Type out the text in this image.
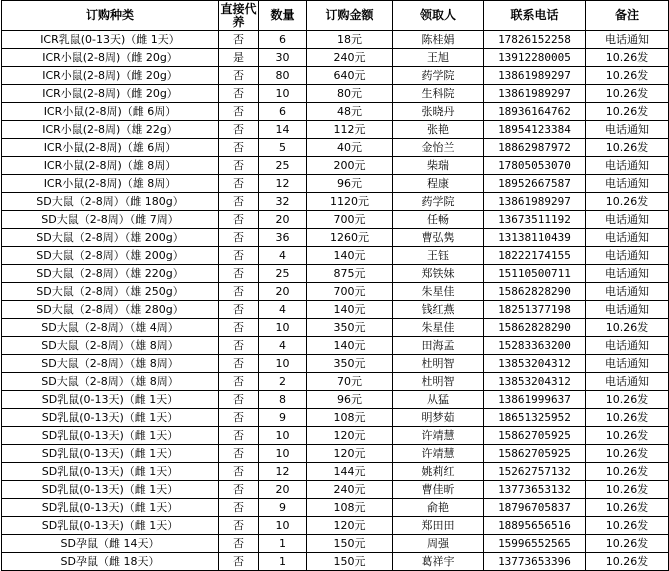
订购种类	直接代养	数量	订购金额	领取人	联系电话	备注
ICR乳鼠(0-13天)（雌 1天）	否	6	18元	陈桂娟	17826152258	电话通知
ICR小鼠(2-8周)（雌 20g）	是	30	240元	王旭	13912280005	10.26发
ICR小鼠(2-8周)（雌 20g）	否	80	640元	药学院	13861989297	10.26发
ICR小鼠(2-8周)（雌 20g）	否	10	80元	生科院	13861989297	10.26发
ICR小鼠(2-8周)（雌 6周）	否	6	48元	张晓丹	18936164762	10.26发
ICR小鼠(2-8周)（雄 22g）	否	14	112元	张艳	18954123384	电话通知
ICR小鼠(2-8周)（雄 6周）	否	5	40元	金怡兰	18862987972	10.26发
ICR小鼠(2-8周)（雄 8周）	否	25	200元	柴瑞	17805053070	电话通知
ICR小鼠(2-8周)（雄 8周）	否	12	96元	程康	18952667587	电话通知
SD大鼠（2-8周）（雌 180g）	否	32	1120元	药学院	13861989297	10.26发
SD大鼠（2-8周）（雌 7周）	否	20	700元	任畅	13673511192	电话通知
SD大鼠（2-8周）（雄 200g）	否	36	1260元	曹弘隽	13138110439	电话通知
SD大鼠（2-8周）（雄 200g）	否	4	140元	王钰	18222174155	电话通知
SD大鼠（2-8周）（雄 220g）	否	25	875元	郑铁妹	15110500711	电话通知
SD大鼠（2-8周）（雄 250g）	否	20	700元	朱星佳	15862828290	电话通知
SD大鼠（2-8周）（雄 280g）	否	4	140元	钱红燕	18251377198	电话通知
SD大鼠（2-8周）（雄 4周）	否	10	350元	朱星佳	15862828290	10.26发
SD大鼠（2-8周）（雄 8周）	否	4	140元	田海孟	15283363200	电话通知
SD大鼠（2-8周）（雄 8周）	否	10	350元	杜明智	13853204312	电话通知
SD大鼠（2-8周）（雄 8周）	否	2	70元	杜明智	13853204312	电话通知
SD乳鼠(0-13天)（雌 1天）	否	8	96元	从猛	13861999637	10.26发
SD乳鼠(0-13天)（雌 1天）	否	9	108元	明梦茹	18651325952	10.26发
SD乳鼠(0-13天)（雌 1天）	否	10	120元	许靖慧	15862705925	10.26发
SD乳鼠(0-13天)（雌 1天）	否	10	120元	许靖慧	15862705925	10.26发
SD乳鼠(0-13天)（雌 1天）	否	12	144元	姚莉红	15262757132	10.26发
SD乳鼠(0-13天)（雌 1天）	否	20	240元	曹佳昕	13773653132	10.26发
SD乳鼠(0-13天)（雌 1天）	否	9	108元	俞艳	18796705837	10.26发
SD乳鼠(0-13天)（雌 1天）	否	10	120元	郑田田	18895656516	10.26发
SD孕鼠（雌 14天）	否	1	150元	周强	15996552565	10.26发
SD孕鼠（雌 18天）	否	1	150元	葛祥宇	13773653396	10.26发
